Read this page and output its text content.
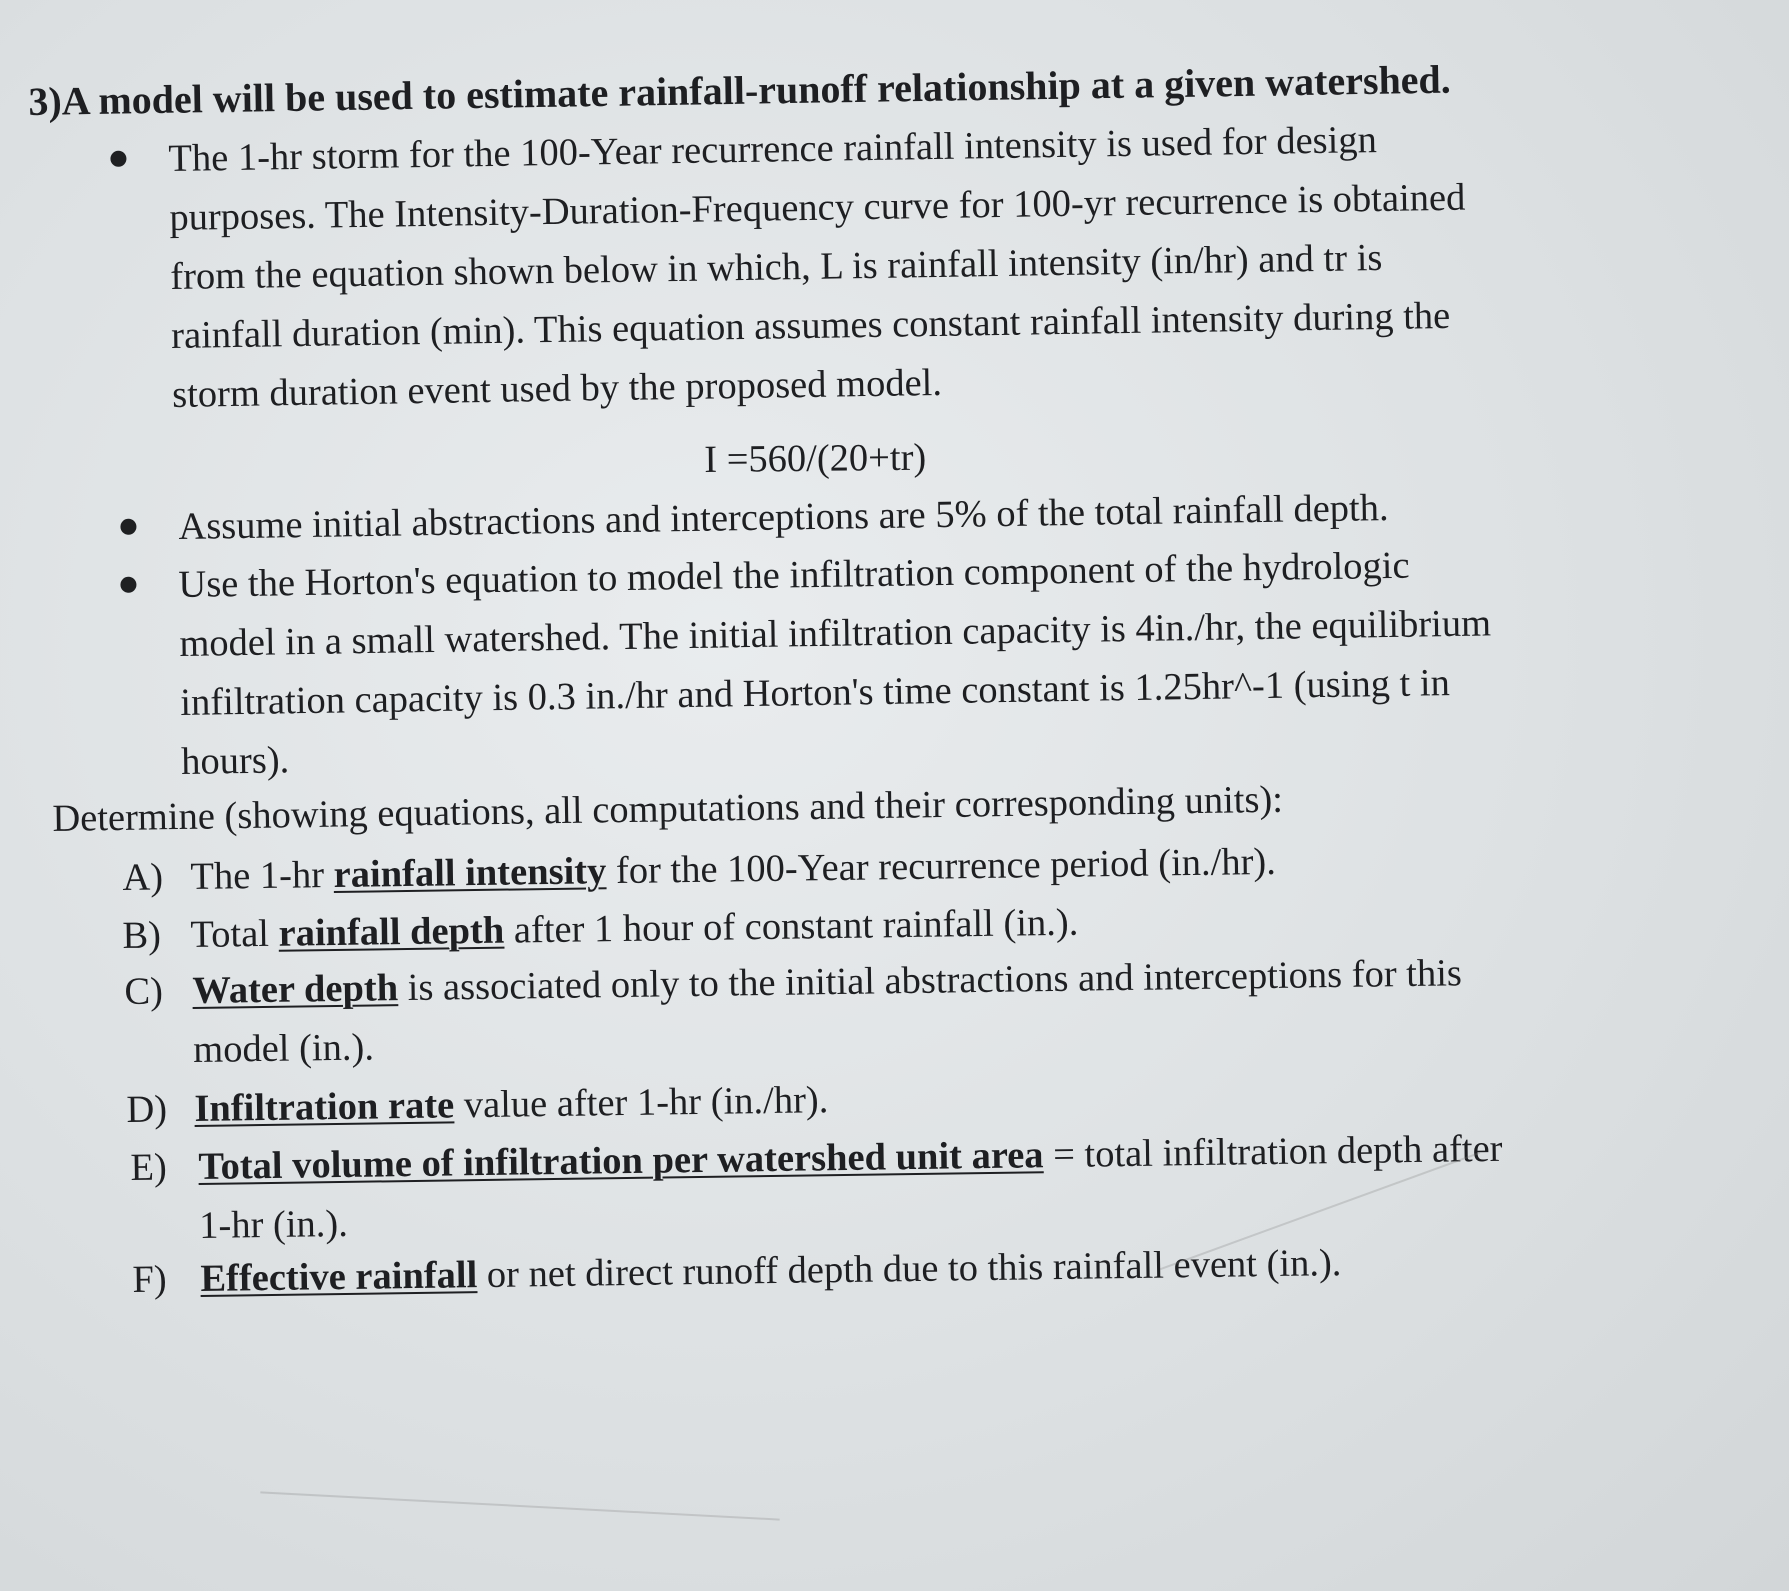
3)A model will be used to estimate rainfall-runoff relationship at a given watershed.
The 1-hr storm for the 100-Year recurrence rainfall intensity is used for design
purposes. The Intensity-Duration-Frequency curve for 100-yr recurrence is obtained
from the equation shown below in which, L is rainfall intensity (in/hr) and tr is
rainfall duration (min). This equation assumes constant rainfall intensity during the
storm duration event used by the proposed model.
I =560/(20+tr)
Assume initial abstractions and interceptions are 5% of the total rainfall depth.
Use the Horton's equation to model the infiltration component of the hydrologic
model in a small watershed. The initial infiltration capacity is 4in./hr, the equilibrium
infiltration capacity is 0.3 in./hr and Horton's time constant is 1.25hr^-1 (using t in
hours).
Determine (showing equations, all computations and their corresponding units):
A) The 1-hr rainfall intensity for the 100-Year recurrence period (in./hr).
B) Total rainfall depth after 1 hour of constant rainfall (in.).
C) Water depth is associated only to the initial abstractions and interceptions for this
model (in.).
D) Infiltration rate value after 1-hr (in./hr).
E) Total volume of infiltration per watershed unit area = total infiltration depth after
1-hr (in.).
F) Effective rainfall or net direct runoff depth due to this rainfall event (in.).
